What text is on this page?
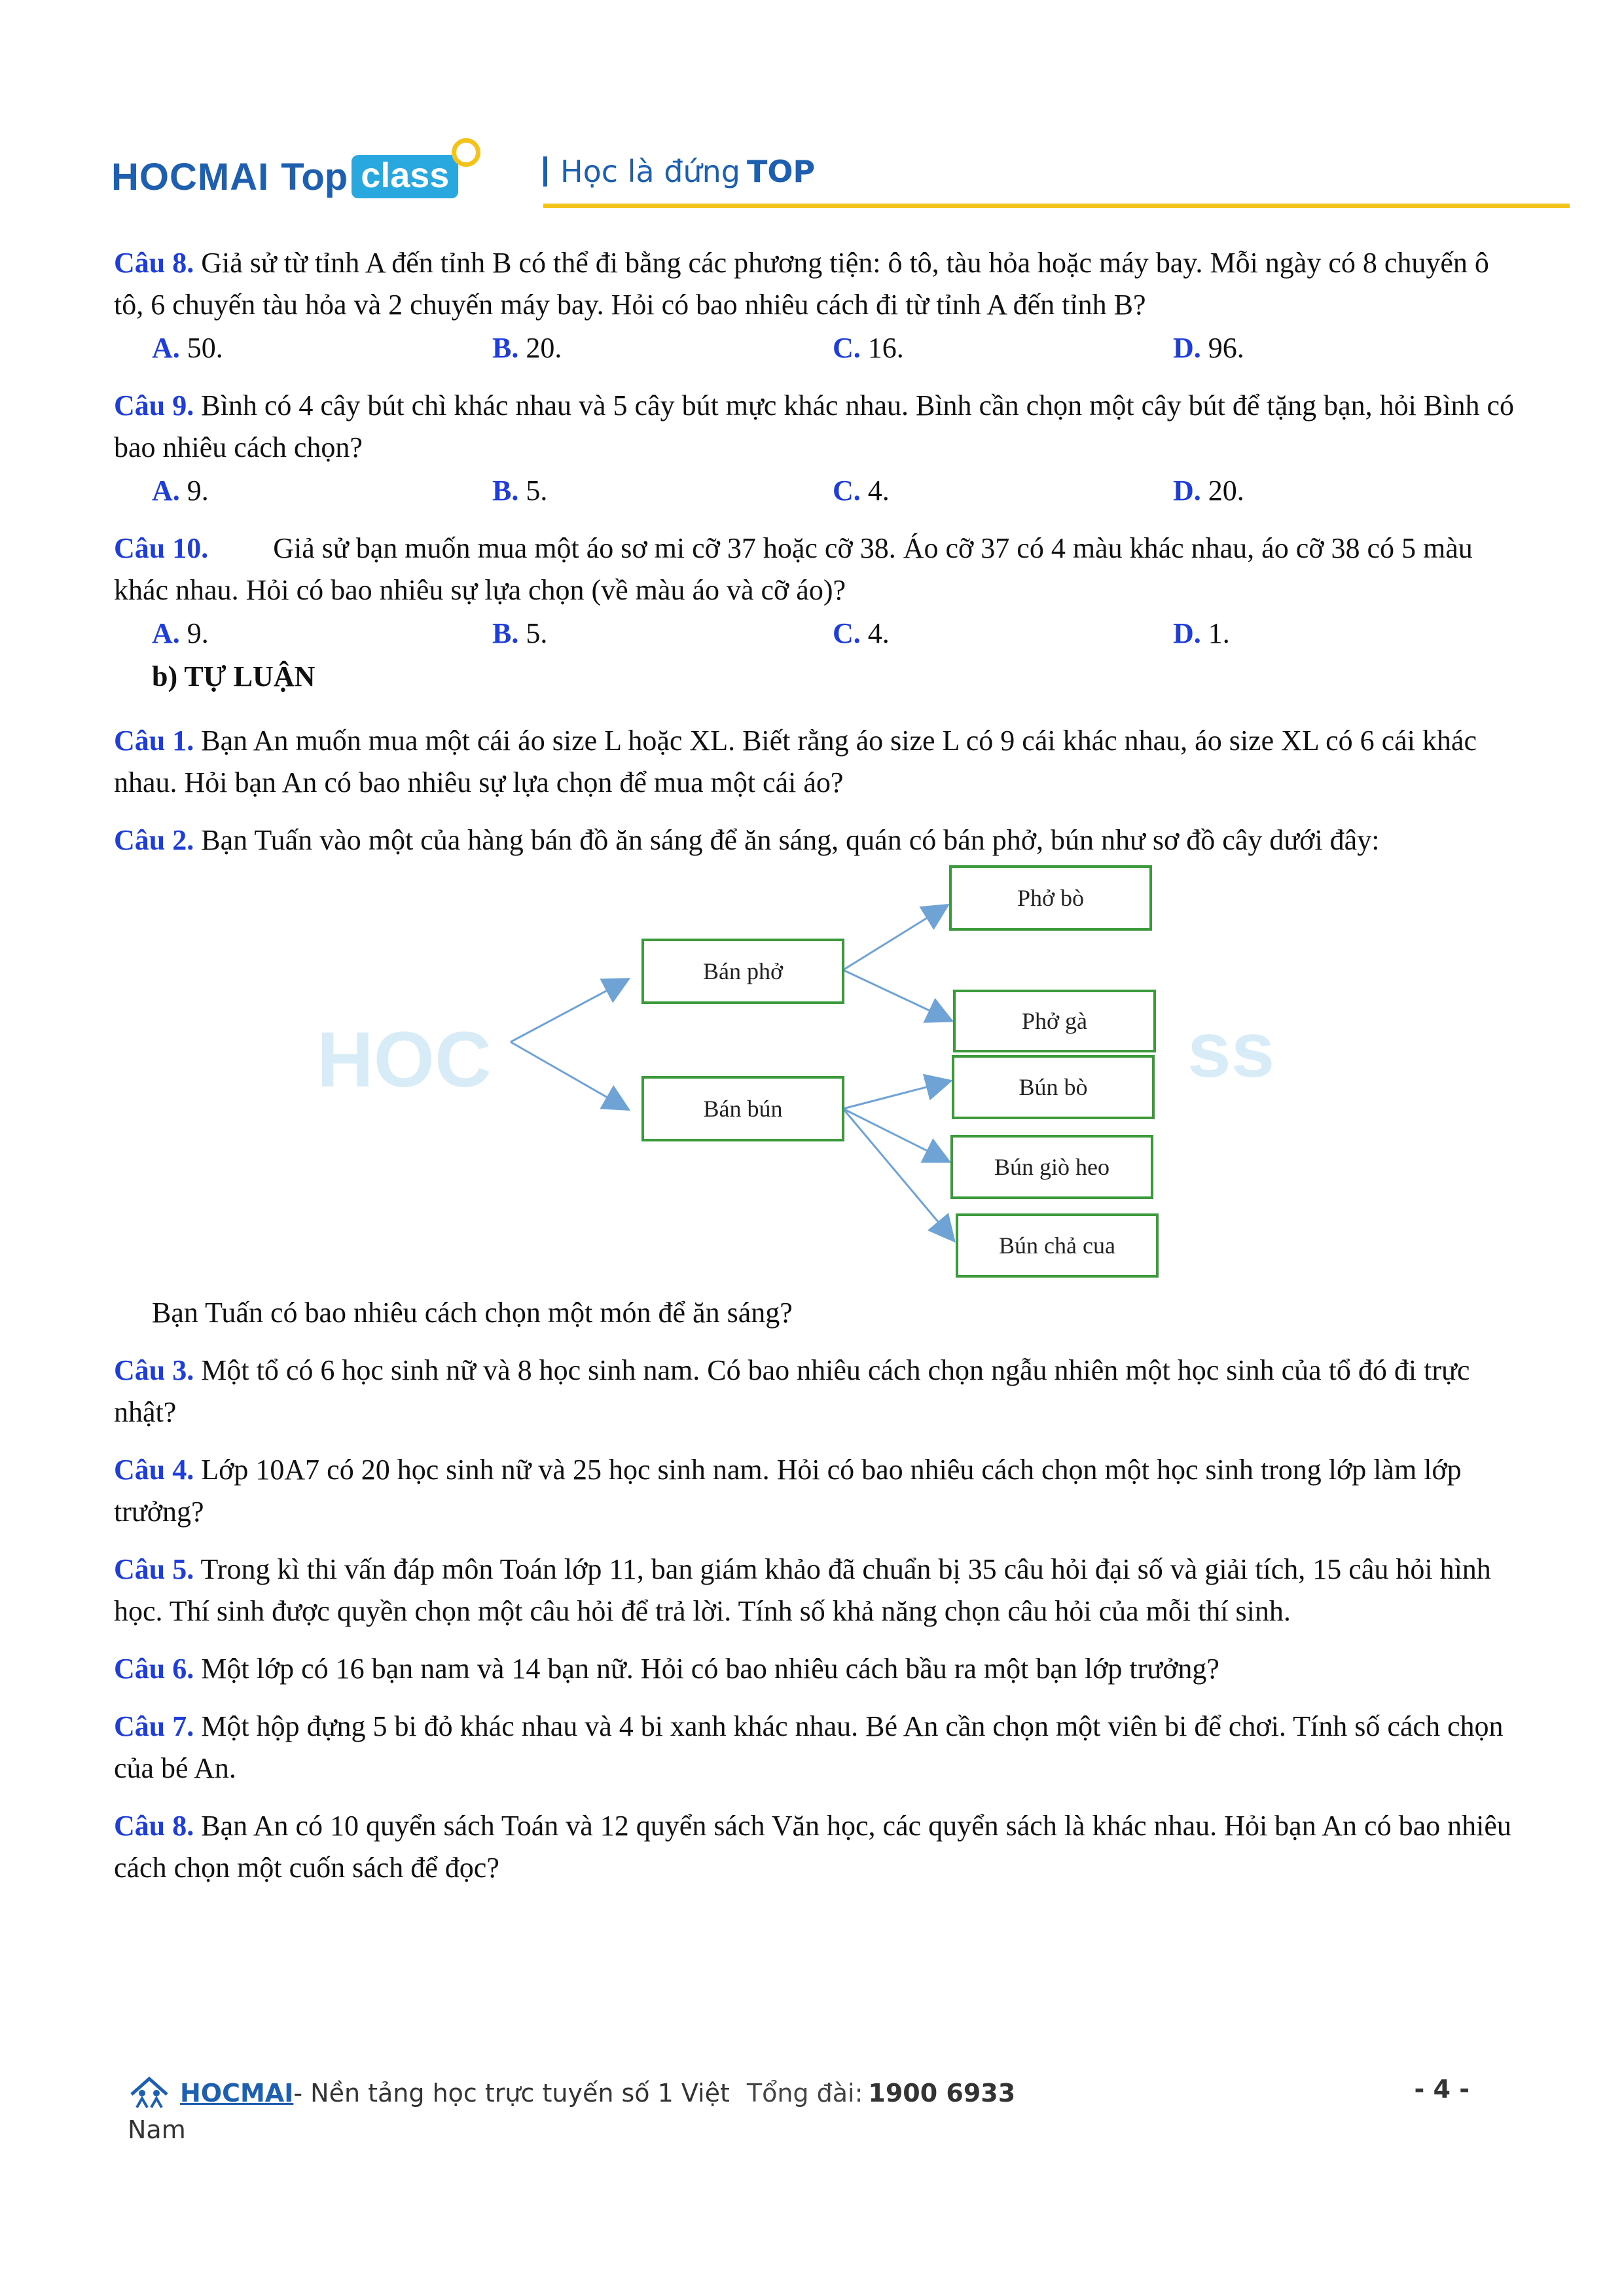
HOCMAI Top class	Học là đứng TOP

Câu 8. Giả sử từ tỉnh A đến tỉnh B có thể đi bằng các phương tiện: ô tô, tàu hỏa hoặc máy bay. Mỗi ngày có 8 chuyến ô tô, 6 chuyến tàu hỏa và 2 chuyến máy bay. Hỏi có bao nhiêu cách đi từ tỉnh A đến tỉnh B?

A. 50.	B. 20.	C. 16.	D. 96.

Câu 9. Bình có 4 cây bút chì khác nhau và 5 cây bút mực khác nhau. Bình cần chọn một cây bút để tặng bạn, hỏi Bình có bao nhiêu cách chọn?

A. 9.	B. 5.	C. 4.	D. 20.

Câu 10.         Giả sử bạn muốn mua một áo sơ mi cỡ 37 hoặc cỡ 38. Áo cỡ 37 có 4 màu khác nhau, áo cỡ 38 có 5 màu khác nhau. Hỏi có bao nhiêu sự lựa chọn (về màu áo và cỡ áo)?

A. 9.	B. 5.	C. 4.	D. 1.
b) TỰ LUẬN

Câu 1. Bạn An muốn mua một cái áo size L hoặc XL. Biết rằng áo size L có 9 cái khác nhau, áo size XL có 6 cái khác nhau. Hỏi bạn An có bao nhiêu sự lựa chọn để mua một cái áo?

Câu 2. Bạn Tuấn vào một của hàng bán đồ ăn sáng để ăn sáng, quán có bán phở, bún như sơ đồ cây dưới đây:

HOC	ss
Bán phở
Bán bún
Phở bò
Phở gà
Bún bò
Bún giò heo
Bún chả cua

Bạn Tuấn có bao nhiêu cách chọn một món để ăn sáng?

Câu 3. Một tổ có 6 học sinh nữ và 8 học sinh nam. Có bao nhiêu cách chọn ngẫu nhiên một học sinh của tổ đó đi trực nhật?

Câu 4. Lớp 10A7 có 20 học sinh nữ và 25 học sinh nam. Hỏi có bao nhiêu cách chọn một học sinh trong lớp làm lớp trưởng?

Câu 5. Trong kì thi vấn đáp môn Toán lớp 11, ban giám khảo đã chuẩn bị 35 câu hỏi đại số và giải tích, 15 câu hỏi hình học. Thí sinh được quyền chọn một câu hỏi để trả lời. Tính số khả năng chọn câu hỏi của mỗi thí sinh.

Câu 6. Một lớp có 16 bạn nam và 14 bạn nữ. Hỏi có bao nhiêu cách bầu ra một bạn lớp trưởng?

Câu 7. Một hộp đựng 5 bi đỏ khác nhau và 4 bi xanh khác nhau. Bé An cần chọn một viên bi để chơi. Tính số cách chọn của bé An.

Câu 8. Bạn An có 10 quyển sách Toán và 12 quyển sách Văn học, các quyển sách là khác nhau. Hỏi bạn An có bao nhiêu cách chọn một cuốn sách để đọc?

HOCMAI - Nền tảng học trực tuyến số 1 Việt Tổng đài: 1900 6933	- 4 -
Nam
